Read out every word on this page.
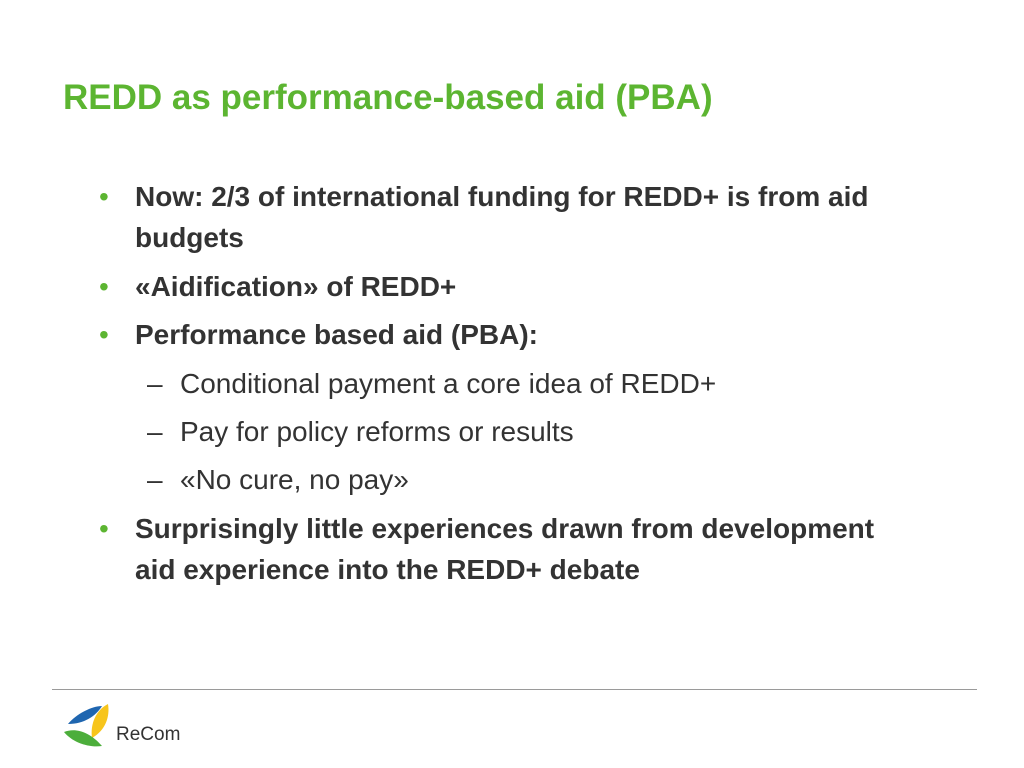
REDD as performance-based aid (PBA)
• Now: 2/3 of international funding for REDD+ is from aid budgets
• «Aidification» of REDD+
• Performance based aid (PBA):
– Conditional payment a core idea of REDD+
– Pay for policy reforms or results
– «No cure, no pay»
• Surprisingly little experiences drawn from development aid experience into the REDD+ debate
ReCom
